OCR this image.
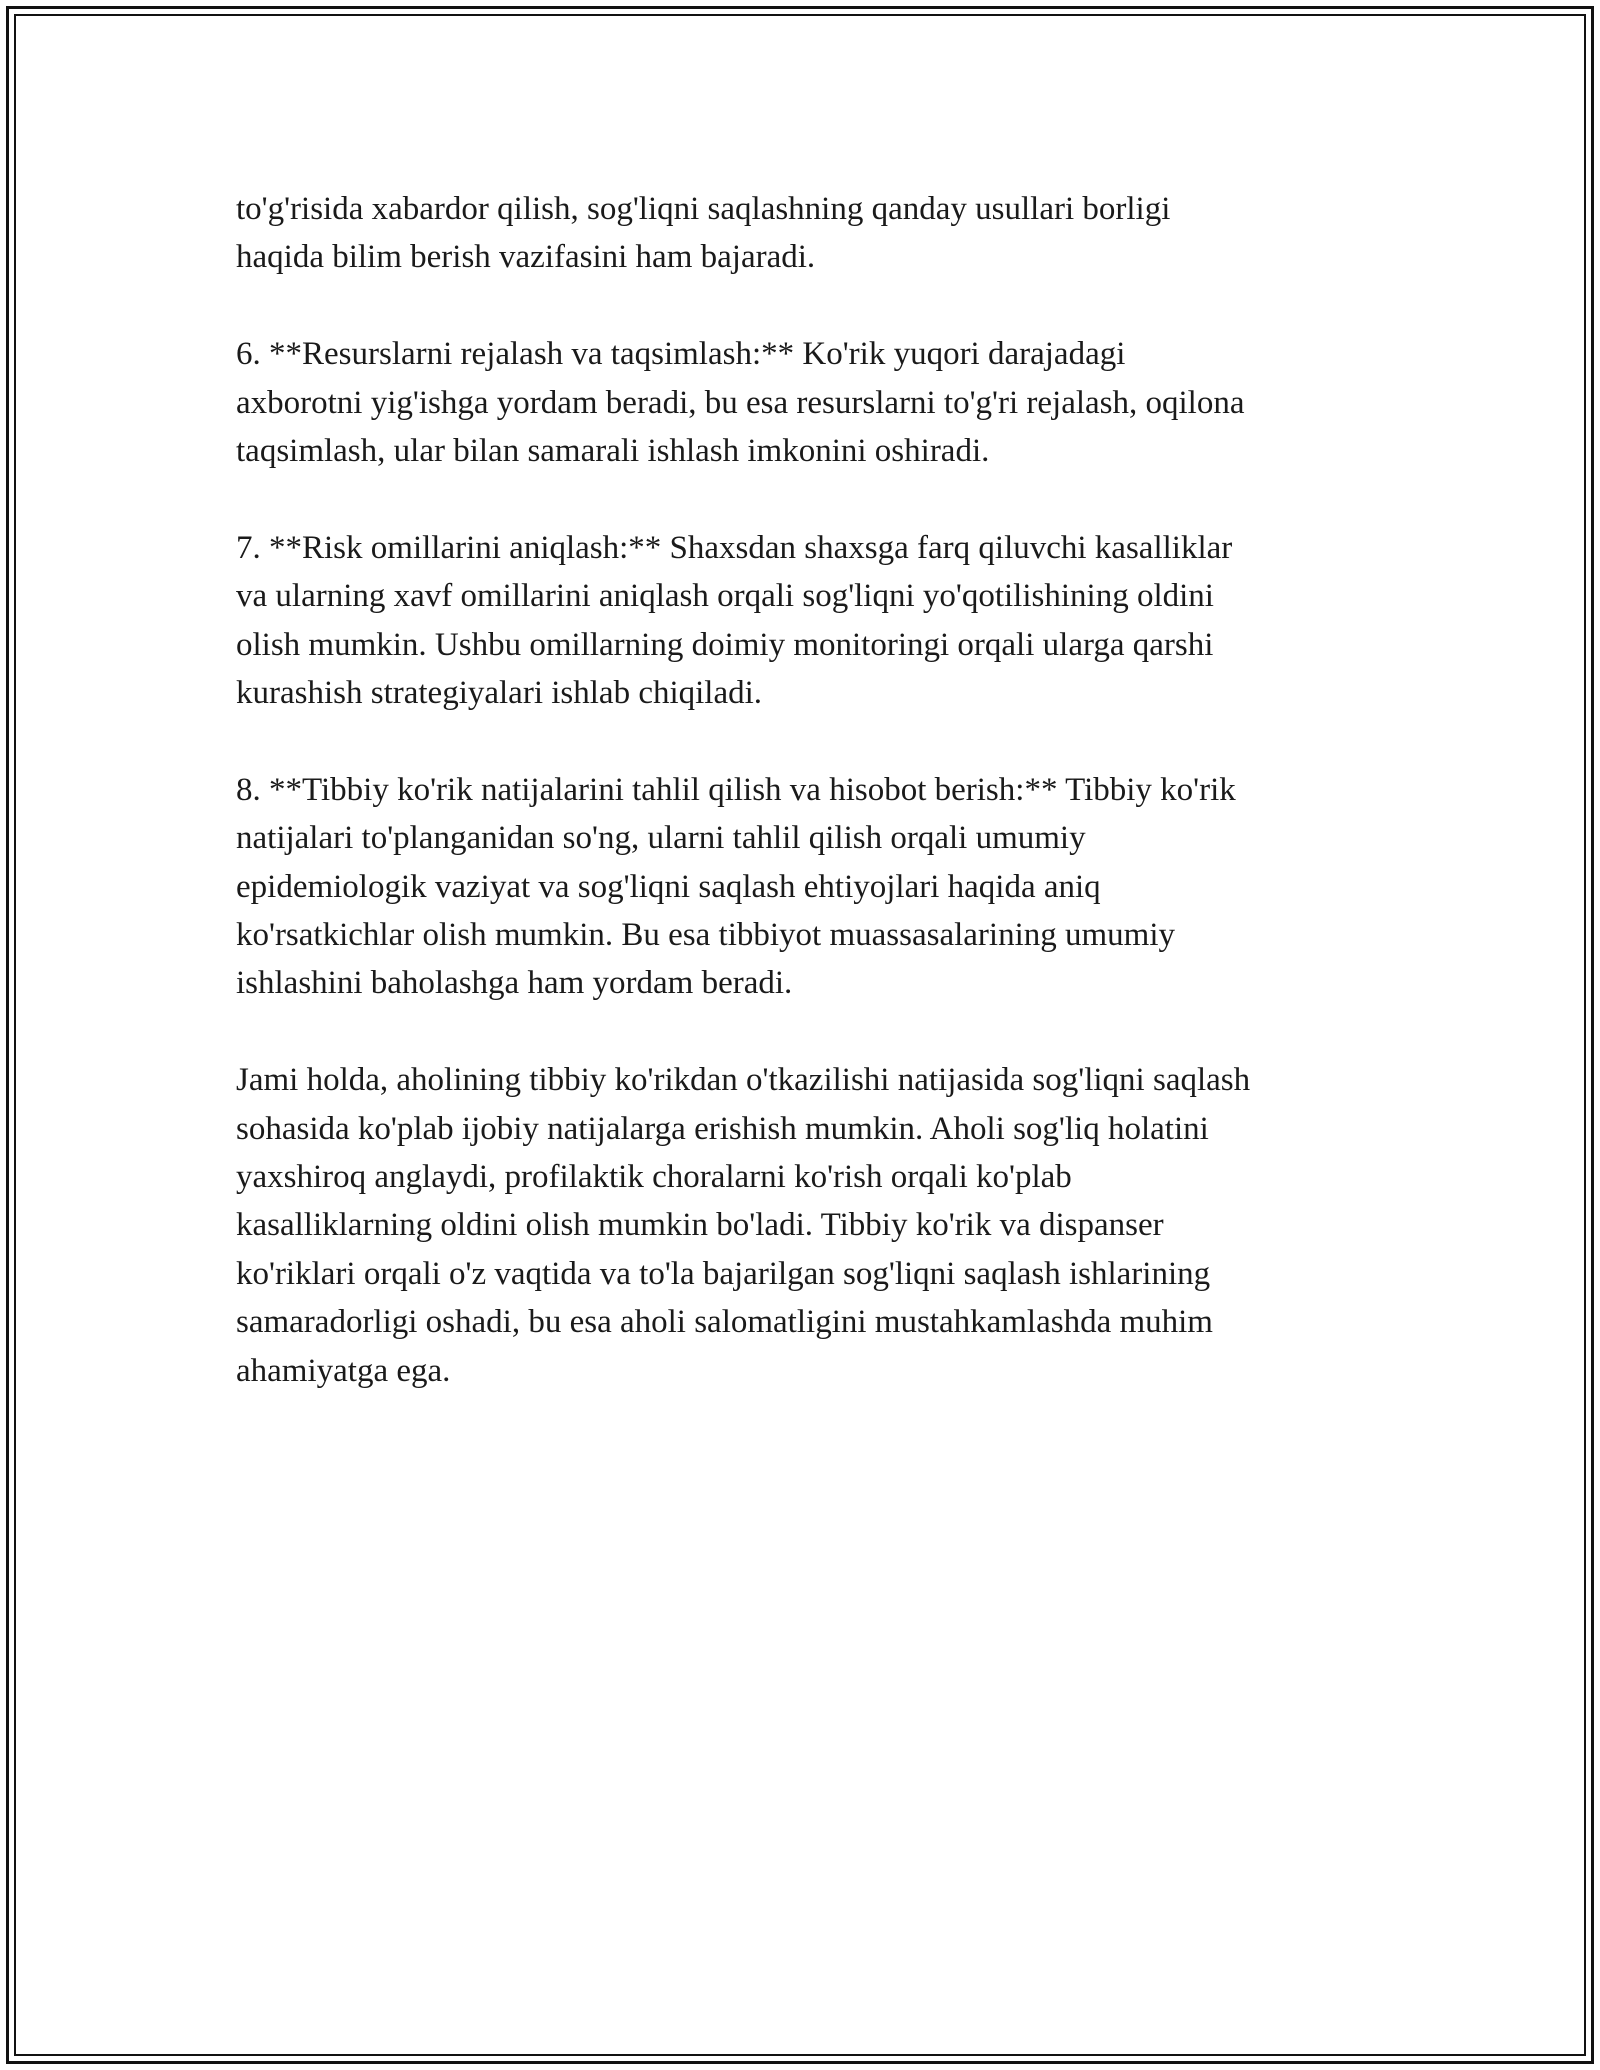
to'g'risida xabardor qilish, sog'liqni saqlashning qanday usullari borligi
haqida bilim berish vazifasini ham bajaradi.

6. **Resurslarni rejalash va taqsimlash:** Ko'rik yuqori darajadagi
axborotni yig'ishga yordam beradi, bu esa resurslarni to'g'ri rejalash, oqilona
taqsimlash, ular bilan samarali ishlash imkonini oshiradi.

7. **Risk omillarini aniqlash:** Shaxsdan shaxsga farq qiluvchi kasalliklar
va ularning xavf omillarini aniqlash orqali sog'liqni yo'qotilishining oldini
olish mumkin. Ushbu omillarning doimiy monitoringi orqali ularga qarshi
kurashish strategiyalari ishlab chiqiladi.

8. **Tibbiy ko'rik natijalarini tahlil qilish va hisobot berish:** Tibbiy ko'rik
natijalari to'planganidan so'ng, ularni tahlil qilish orqali umumiy
epidemiologik vaziyat va sog'liqni saqlash ehtiyojlari haqida aniq
ko'rsatkichlar olish mumkin. Bu esa tibbiyot muassasalarining umumiy
ishlashini baholashga ham yordam beradi.

Jami holda, aholining tibbiy ko'rikdan o'tkazilishi natijasida sog'liqni saqlash
sohasida ko'plab ijobiy natijalarga erishish mumkin. Aholi sog'liq holatini
yaxshiroq anglaydi, profilaktik choralarni ko'rish orqali ko'plab
kasalliklarning oldini olish mumkin bo'ladi. Tibbiy ko'rik va dispanser
ko'riklari orqali o'z vaqtida va to'la bajarilgan sog'liqni saqlash ishlarining
samaradorligi oshadi, bu esa aholi salomatligini mustahkamlashda muhim
ahamiyatga ega.
